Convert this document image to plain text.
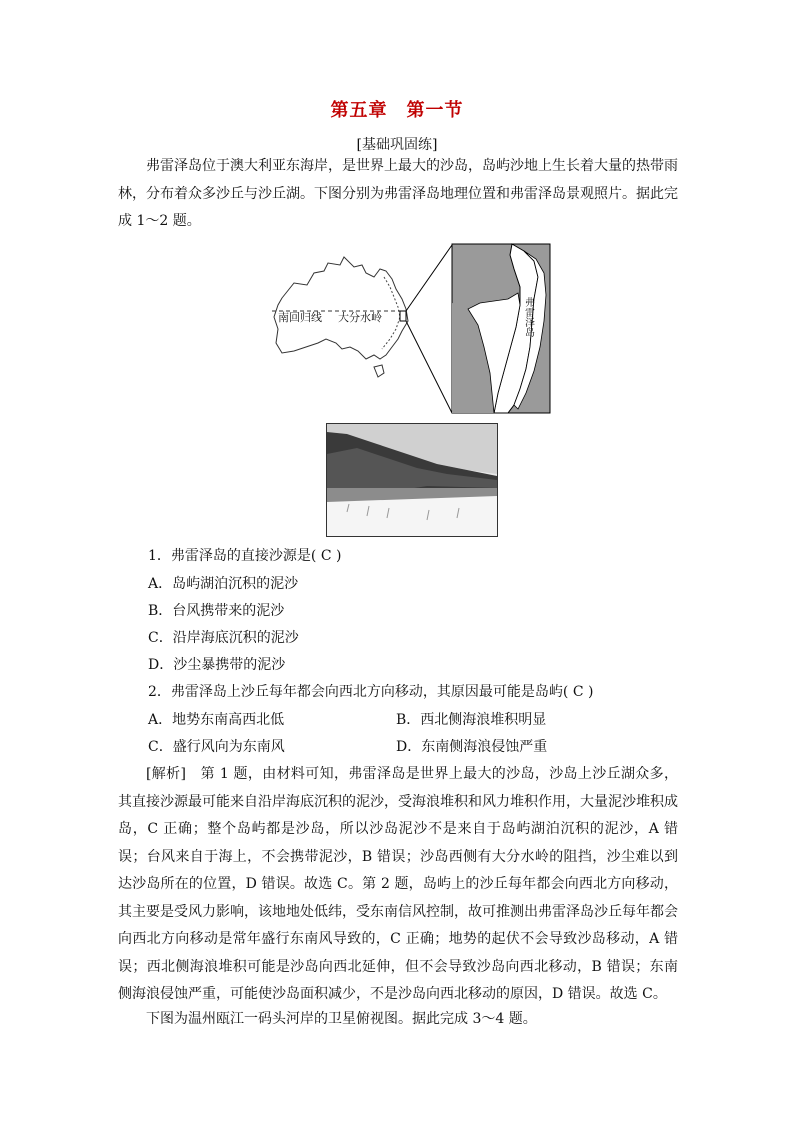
第五章　第一节
[基础巩固练]

弗雷泽岛位于澳大利亚东海岸，是世界上最大的沙岛，岛屿沙地上生长着大量的热带雨林，分布着众多沙丘与沙丘湖。下图分别为弗雷泽岛地理位置和弗雷泽岛景观照片。据此完成 1～2 题。

南回归线 大分水岭	弗雷泽岛
1．弗雷泽岛的直接沙源是( C )
A．岛屿湖泊沉积的泥沙
B．台风携带来的泥沙
C．沿岸海底沉积的泥沙
D．沙尘暴携带的泥沙
2．弗雷泽岛上沙丘每年都会向西北方向移动，其原因最可能是岛屿( C )
A．地势东南高西北低	B．西北侧海浪堆积明显
C．盛行风向为东南风	D．东南侧海浪侵蚀严重

[解析]　第 1 题，由材料可知，弗雷泽岛是世界上最大的沙岛，沙岛上沙丘湖众多，其直接沙源最可能来自沿岸海底沉积的泥沙，受海浪堆积和风力堆积作用，大量泥沙堆积成岛，C 正确；整个岛屿都是沙岛，所以沙岛泥沙不是来自于岛屿湖泊沉积的泥沙，A 错误；台风来自于海上，不会携带泥沙，B 错误；沙岛西侧有大分水岭的阻挡，沙尘难以到达沙岛所在的位置，D 错误。故选 C。第 2 题，岛屿上的沙丘每年都会向西北方向移动，其主要是受风力影响，该地地处低纬，受东南信风控制，故可推测出弗雷泽岛沙丘每年都会向西北方向移动是常年盛行东南风导致的，C 正确；地势的起伏不会导致沙岛移动，A 错误；西北侧海浪堆积可能是沙岛向西北延伸，但不会导致沙岛向西北移动，B 错误；东南侧海浪侵蚀严重，可能使沙岛面积减少，不是沙岛向西北移动的原因，D 错误。故选 C。

下图为温州瓯江一码头河岸的卫星俯视图。据此完成 3～4 题。
